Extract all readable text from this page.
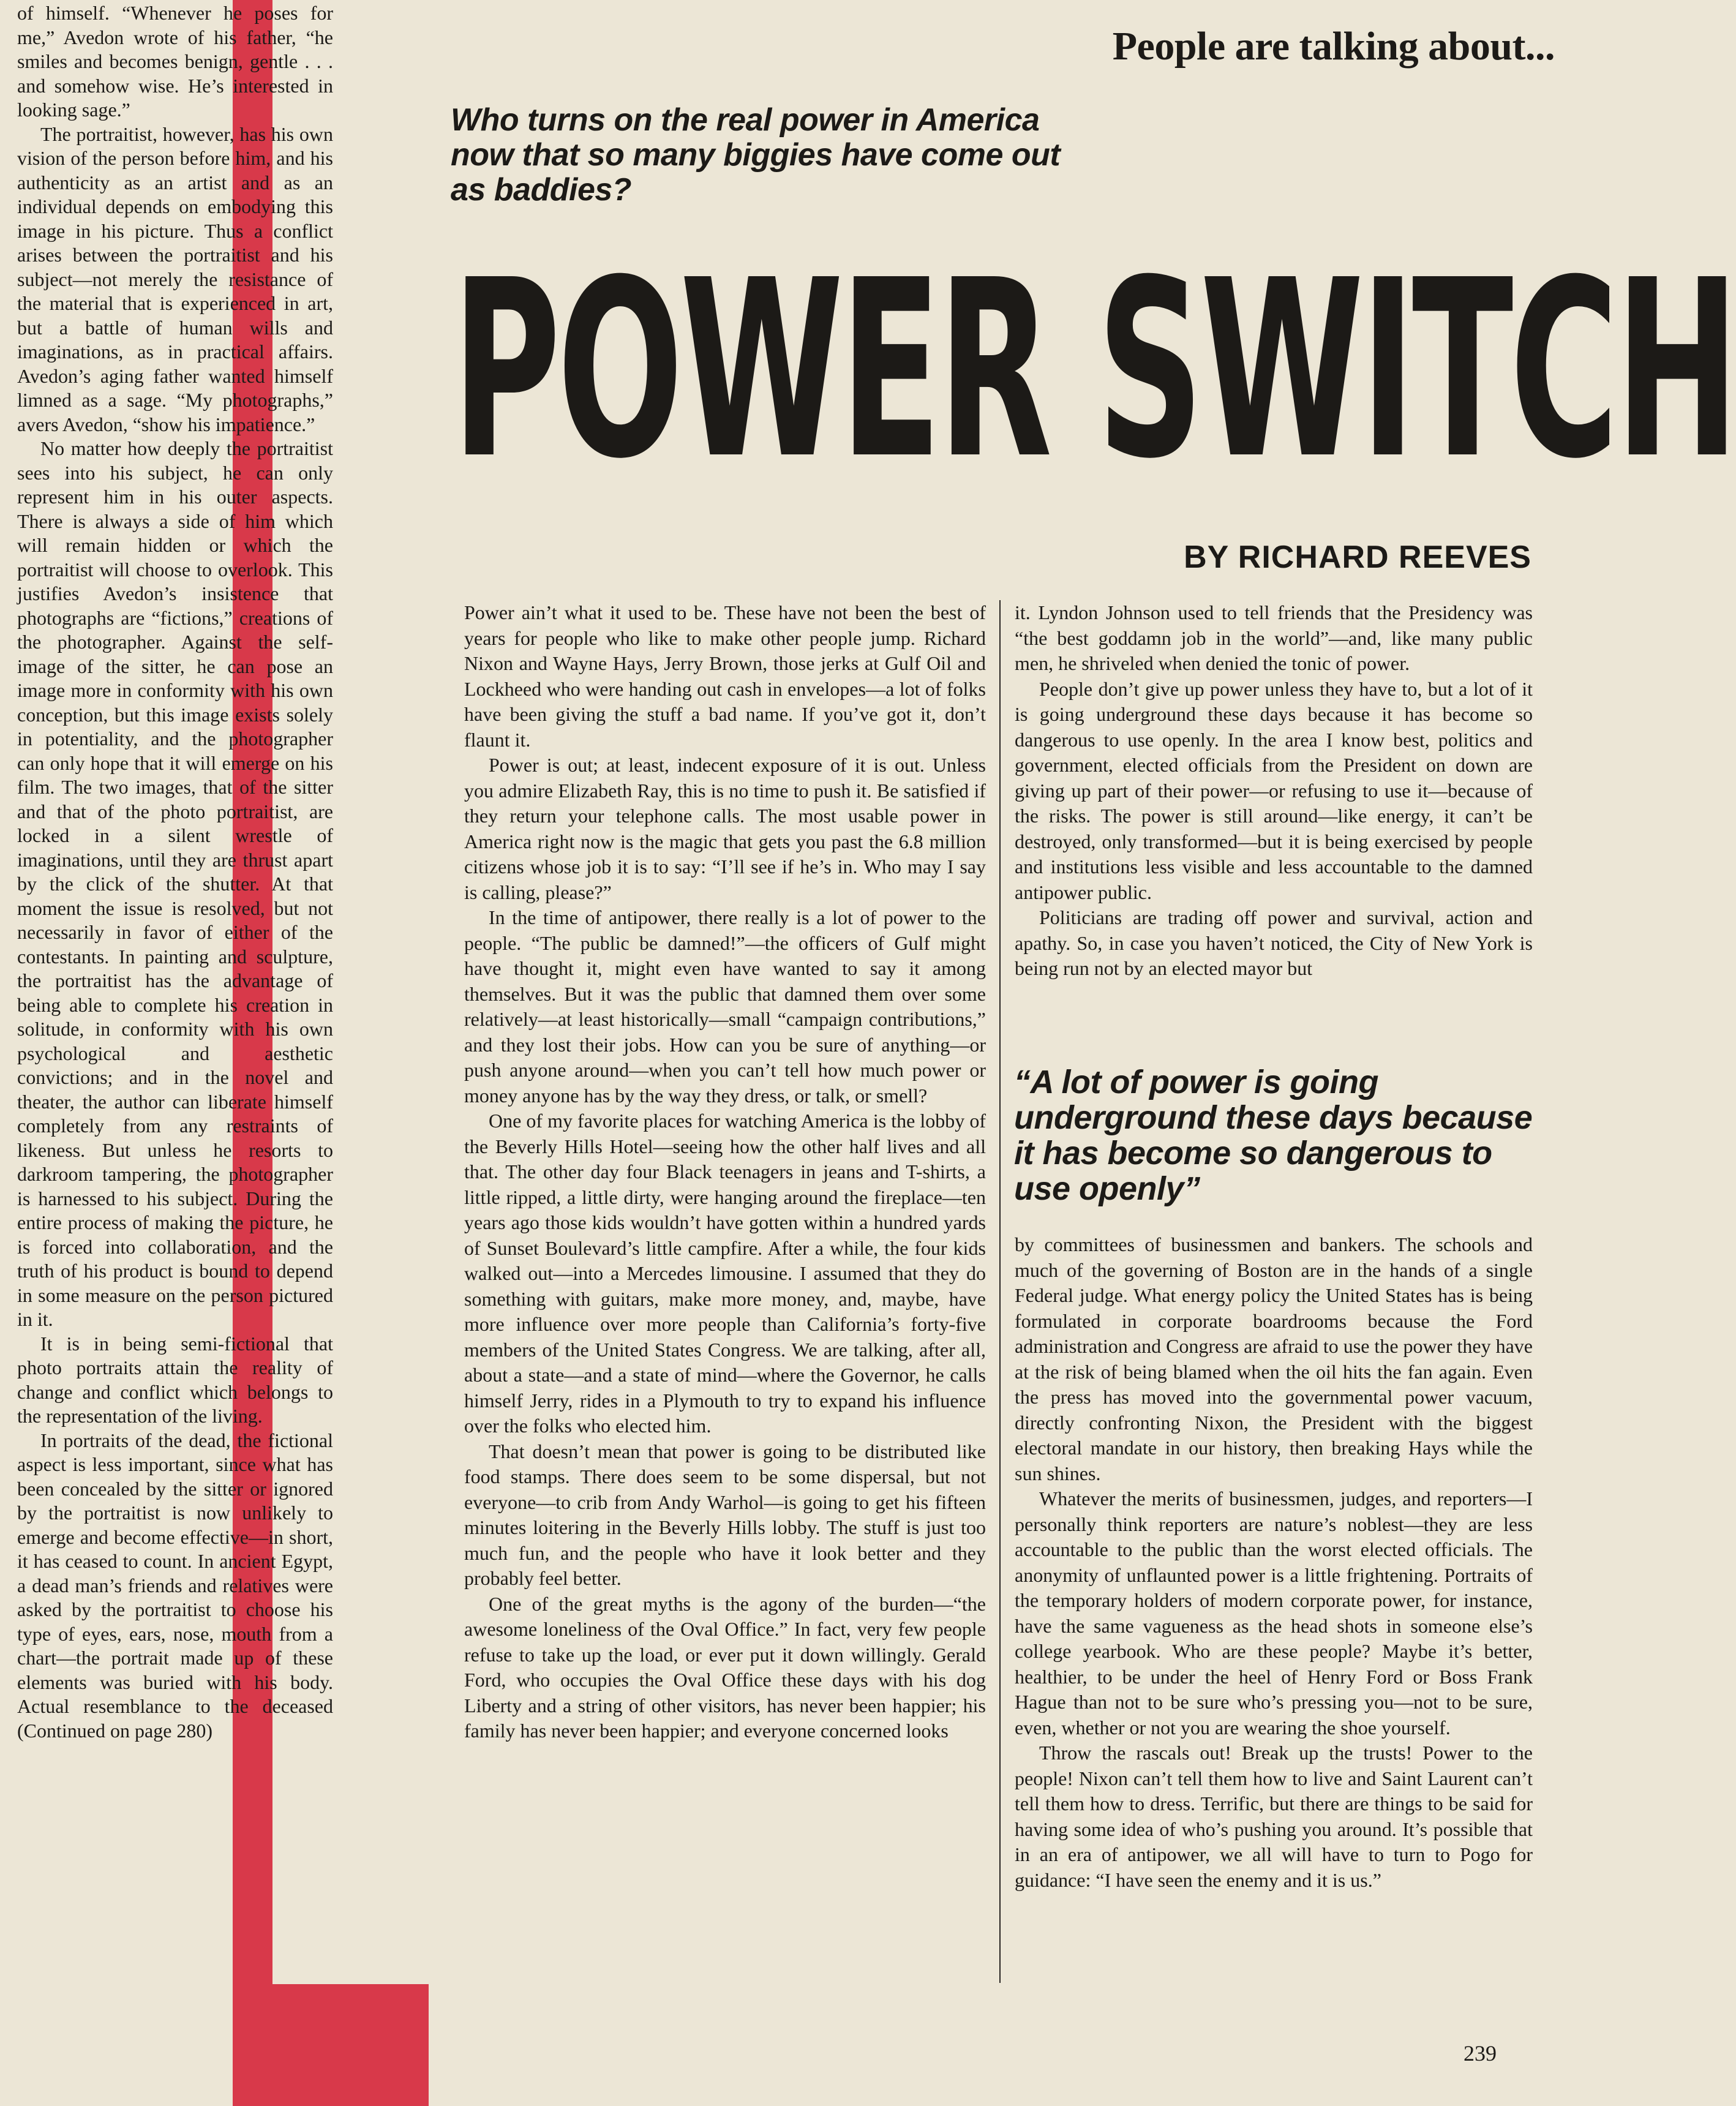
of himself. “Whenever he poses for me,” Avedon wrote of his father, “he smiles and becomes benign, gentle . . . and somehow wise. He’s interested in looking sage.”

The portraitist, however, has his own vision of the person before him, and his authenticity as an artist and as an individual depends on embodying this image in his picture. Thus a conflict arises between the portraitist and his subject—not merely the resistance of the material that is experienced in art, but a battle of human wills and imaginations, as in practical affairs. Avedon’s aging father wanted himself limned as a sage. “My photographs,” avers Avedon, “show his impatience.”

No matter how deeply the portraitist sees into his subject, he can only represent him in his outer aspects. There is always a side of him which will remain hidden or which the portraitist will choose to overlook. This justifies Avedon’s insistence that photographs are “fictions,” creations of the photographer. Against the self-image of the sitter, he can pose an image more in conformity with his own conception, but this image exists solely in potentiality, and the photographer can only hope that it will emerge on his film. The two images, that of the sitter and that of the photo portraitist, are locked in a silent wrestle of imaginations, until they are thrust apart by the click of the shutter. At that moment the issue is resolved, but not necessarily in favor of either of the contestants. In painting and sculpture, the portraitist has the advantage of being able to complete his creation in solitude, in conformity with his own psychological and aesthetic convictions; and in the novel and theater, the author can liberate himself completely from any restraints of likeness. But unless he resorts to darkroom tampering, the photographer is harnessed to his subject. During the entire process of making the picture, he is forced into collaboration, and the truth of his product is bound to depend in some measure on the person pictured in it.

It is in being semi-fictional that photo portraits attain the reality of change and conflict which belongs to the representation of the living.

In portraits of the dead, the fictional aspect is less important, since what has been concealed by the sitter or ignored by the portraitist is now unlikely to emerge and become effective—in short, it has ceased to count. In ancient Egypt, a dead man’s friends and relatives were asked by the portraitist to choose his type of eyes, ears, nose, mouth from a chart—the portrait made up of these elements was buried with his body. Actual resemblance to the deceased (Continued on page 280)

People are talking about...
Who turns on the real power in America now that so many biggies have come out as baddies?
POWER SWITCH
BY RICHARD REEVES

Power ain’t what it used to be. These have not been the best of years for people who like to make other people jump. Richard Nixon and Wayne Hays, Jerry Brown, those jerks at Gulf Oil and Lockheed who were handing out cash in envelopes—a lot of folks have been giving the stuff a bad name. If you’ve got it, don’t flaunt it.

Power is out; at least, indecent exposure of it is out. Unless you admire Elizabeth Ray, this is no time to push it. Be satisfied if they return your telephone calls. The most usable power in America right now is the magic that gets you past the 6.8 million citizens whose job it is to say: “I’ll see if he’s in. Who may I say is calling, please?”

In the time of antipower, there really is a lot of power to the people. “The public be damned!”—the officers of Gulf might have thought it, might even have wanted to say it among themselves. But it was the public that damned them over some relatively—at least historically—small “campaign contributions,” and they lost their jobs. How can you be sure of anything—or push anyone around—when you can’t tell how much power or money anyone has by the way they dress, or talk, or smell?

One of my favorite places for watching America is the lobby of the Beverly Hills Hotel—seeing how the other half lives and all that. The other day four Black teenagers in jeans and T-shirts, a little ripped, a little dirty, were hanging around the fireplace—ten years ago those kids wouldn’t have gotten within a hundred yards of Sunset Boulevard’s little campfire. After a while, the four kids walked out—into a Mercedes limousine. I assumed that they do something with guitars, make more money, and, maybe, have more influence over more people than California’s forty-five members of the United States Congress. We are talking, after all, about a state—and a state of mind—where the Governor, he calls himself Jerry, rides in a Plymouth to try to expand his influence over the folks who elected him.

That doesn’t mean that power is going to be distributed like food stamps. There does seem to be some dispersal, but not everyone—to crib from Andy Warhol—is going to get his fifteen minutes loitering in the Beverly Hills lobby. The stuff is just too much fun, and the people who have it look better and they probably feel better.

One of the great myths is the agony of the burden—“the awesome loneliness of the Oval Office.” In fact, very few people refuse to take up the load, or ever put it down willingly. Gerald Ford, who occupies the Oval Office these days with his dog Liberty and a string of other visitors, has never been happier; his family has never been happier; and everyone concerned looks

it. Lyndon Johnson used to tell friends that the Presidency was “the best goddamn job in the world”—and, like many public men, he shriveled when denied the tonic of power.

People don’t give up power unless they have to, but a lot of it is going underground these days because it has become so dangerous to use openly. In the area I know best, politics and government, elected officials from the President on down are giving up part of their power—or refusing to use it—because of the risks. The power is still around—like energy, it can’t be destroyed, only transformed—but it is being exercised by people and institutions less visible and less accountable to the damned antipower public.

Politicians are trading off power and survival, action and apathy. So, in case you haven’t noticed, the City of New York is being run not by an elected mayor but

“A lot of power is going underground these days because it has become so dangerous to use openly”

by committees of businessmen and bankers. The schools and much of the governing of Boston are in the hands of a single Federal judge. What energy policy the United States has is being formulated in corporate boardrooms because the Ford administration and Congress are afraid to use the power they have at the risk of being blamed when the oil hits the fan again. Even the press has moved into the governmental power vacuum, directly confronting Nixon, the President with the biggest electoral mandate in our history, then breaking Hays while the sun shines.

Whatever the merits of businessmen, judges, and reporters—I personally think reporters are nature’s noblest—they are less accountable to the public than the worst elected officials. The anonymity of unflaunted power is a little frightening. Portraits of the temporary holders of modern corporate power, for instance, have the same vagueness as the head shots in someone else’s college yearbook. Who are these people? Maybe it’s better, healthier, to be under the heel of Henry Ford or Boss Frank Hague than not to be sure who’s pressing you—not to be sure, even, whether or not you are wearing the shoe yourself.

Throw the rascals out! Break up the trusts! Power to the people! Nixon can’t tell them how to live and Saint Laurent can’t tell them how to dress. Terrific, but there are things to be said for having some idea of who’s pushing you around. It’s possible that in an era of antipower, we all will have to turn to Pogo for guidance: “I have seen the enemy and it is us.”

239
